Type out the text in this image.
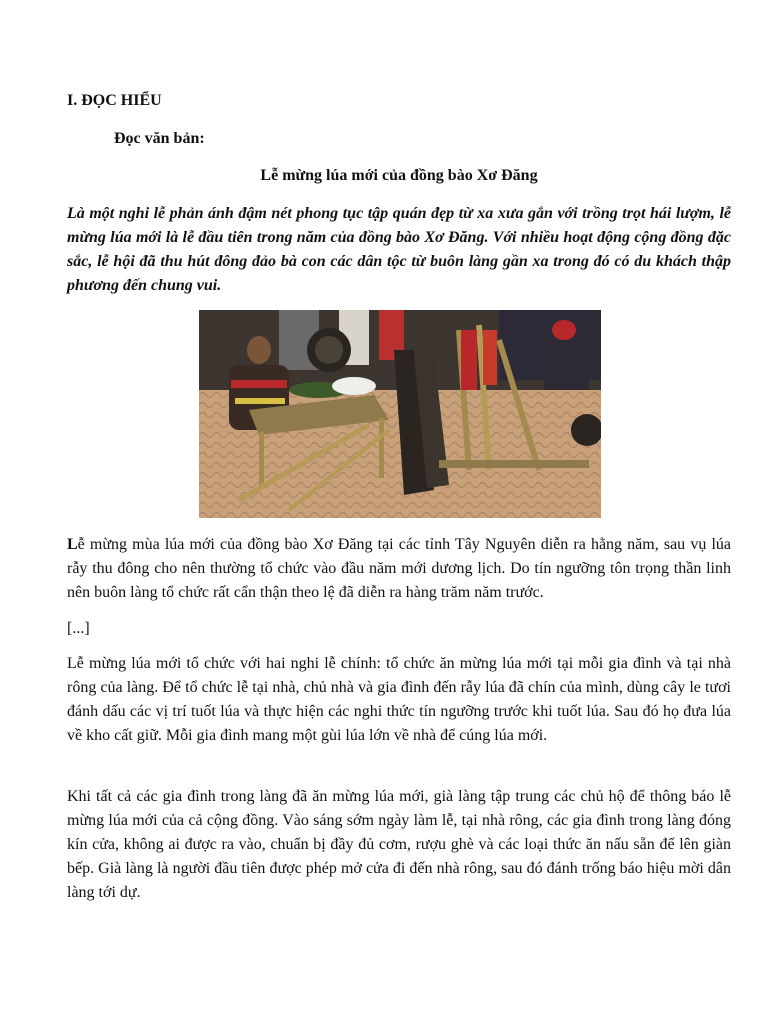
I. ĐỌC HIỂU
Đọc văn bản:
Lễ mừng lúa mới của đồng bào Xơ Đăng

Là một nghi lễ phản ánh đậm nét phong tục tập quán đẹp từ xa xưa gắn với trồng trọt hái lượm, lễ mừng lúa mới là lễ đầu tiên trong năm của đồng bào Xơ Đăng. Với nhiều hoạt động cộng đồng đặc sắc, lễ hội đã thu hút đông đảo bà con các dân tộc từ buôn làng gần xa trong đó có du khách thập phương đến chung vui.

Lễ mừng mùa lúa mới của đồng bào Xơ Đăng tại các tỉnh Tây Nguyên diễn ra hằng năm, sau vụ lúa rẫy thu đông cho nên thường tổ chức vào đầu năm mới dương lịch. Do tín ngưỡng tôn trọng thần linh nên buôn làng tổ chức rất cẩn thận theo lệ đã diễn ra hàng trăm năm trước.

[...]

Lễ mừng lúa mới tổ chức với hai nghi lễ chính: tổ chức ăn mừng lúa mới tại mỗi gia đình và tại nhà rông của làng. Để tổ chức lễ tại nhà, chủ nhà và gia đình đến rẫy lúa đã chín của mình, dùng cây le tươi đánh dấu các vị trí tuốt lúa và thực hiện các nghi thức tín ngưỡng trước khi tuốt lúa. Sau đó họ đưa lúa về kho cất giữ. Mỗi gia đình mang một gùi lúa lớn về nhà để cúng lúa mới.

Khi tất cả các gia đình trong làng đã ăn mừng lúa mới, già làng tập trung các chủ hộ để thông báo lễ mừng lúa mới của cả cộng đồng. Vào sáng sớm ngày làm lễ, tại nhà rông, các gia đình trong làng đóng kín cửa, không ai được ra vào, chuẩn bị đầy đủ cơm, rượu ghè và các loại thức ăn nấu sẵn để lên giàn bếp. Già làng là người đầu tiên được phép mở cửa đi đến nhà rông, sau đó đánh trống báo hiệu mời dân làng tới dự.
